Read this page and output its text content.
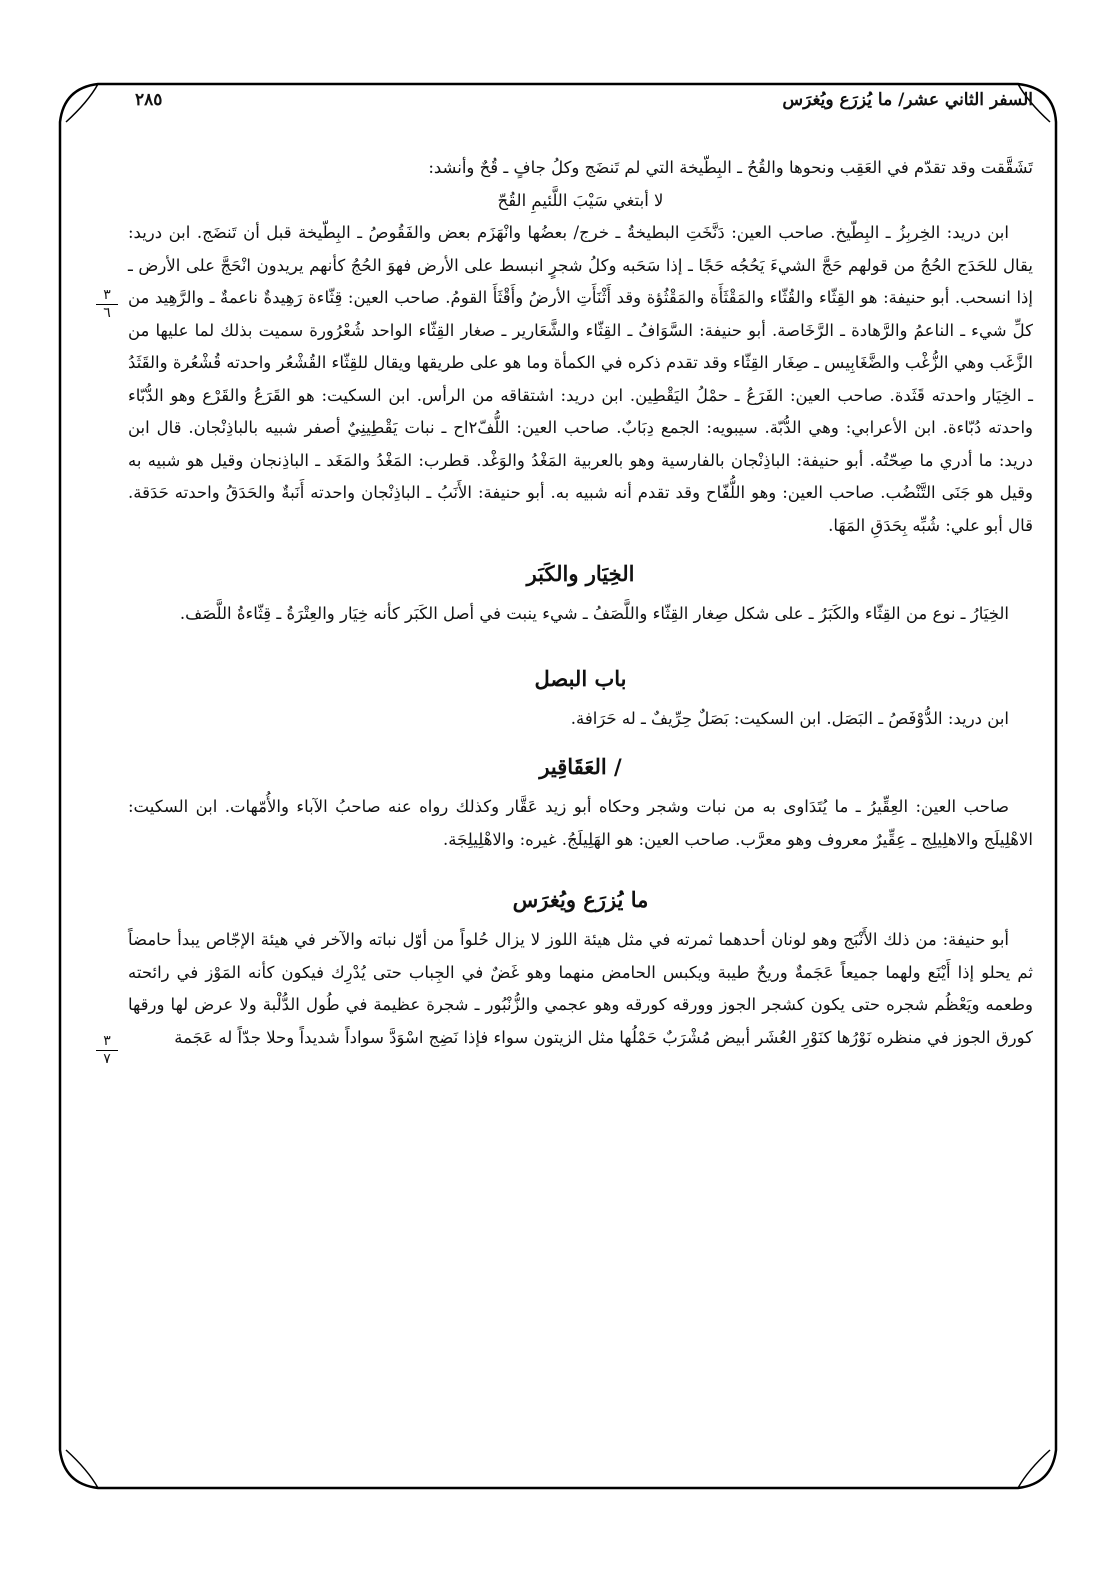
السفر الثاني عشر/ ما يُزرَع ويُغرَس
٢٨٥
٣
٦
٣
٧

تَشَقَّقت وقد تقدّم في العَقِب ونحوها والقُحُ ـ البِطّيخة التي لم تَنضَج وكلُ جافٍ ـ قُحٌ وأنشد:

لا أبتغي سَيْبَ اللَّئيمِ القُحّ

ابن دريد: الخِربِزُ ـ البِطّيخ. صاحب العين: دَنَّخَتِ البطيخةُ ـ خرج/ بعضُها وانْهَزَم بعض والفَقُوصُ ـ البِطّيخة قبل أن تَنضَج. ابن دريد: يقال للحَدَج الحُجُ من قولهم حَجَّ الشيءَ يَحُجُه حَجًا ـ إذا سَحَبه وكلُ شجرٍ انبسط على الأرض فهوَ الحُجُ كأنهم يريدون انْحَجَّ على الأرض ـ إذا انسحب. أبو حنيفة: هو القِثّاء والقُثّاء والمَقْثَأَة والمَقْثُؤة وقد أَثْنَأَتِ الأرضُ وأَقْثَأَ القومُ. صاحب العين: قِثّاءة رَهِيدةٌ ناعمةٌ ـ والرَّهِيد من كلِّ شيء ـ الناعمُ والرَّهادة ـ الرَّخَاصة. أبو حنيفة: السَّوَافُ ـ القِثّاء والشَّعَارير ـ صغار القِثّاء الواحد شُعْرُورة سميت بذلك لما عليها من الزَّغَب وهي الزُّغْب والضَّغَابِيس ـ صِغَار القِثّاء وقد تقدم ذكره في الكمأة وما هو على طريقها ويقال للقِثّاء القُشْعُر واحدته قُشْعُرة والقَثَدُ ـ الخِيَار واحدته قَثَدة. صاحب العين: الفَرَعُ ـ حمْلُ اليَقْطِين. ابن دريد: اشتقاقه من الرأس. ابن السكيت: هو القَرَعُ والقَرْع وهو الدُّبّاء واحدته دُبّاءة. ابن الأعرابي: وهي الدُّبّة. سيبويه: الجمع دِبَابٌ. صاحب العين: اللُّفّ٢اح ـ نبات يَقْطِينِيٌ أصفر شبيه بالباذِنْجان. قال ابن دريد: ما أدري ما صِحّتُه. أبو حنيفة: الباذِنْجان بالفارسية وهو بالعربية المَغْدُ والوَغْد. قطرب: المَغْدُ والمَغَد ـ الباذِنجان وقيل هو شبيه به وقيل هو جَنَى التَّنْضُب. صاحب العين: وهو اللُّفّاح وقد تقدم أنه شبيه به. أبو حنيفة: الأَنَبُ ـ الباذِنْجان واحدته أَنَبةٌ والحَدَقُ واحدته حَدَقة. قال أبو علي: شُبِّه بِحَدَقِ المَهَا.

الخِيَار والكَبَر

الخِيَارُ ـ نوع من القِثّاء والكَبَرُ ـ على شكل صِغار القِثّاء واللَّصَفُ ـ شيء ينبت في أصل الكَبَر كأنه خِيَار والعِتْرَةُ ـ قِثّاءةُ اللَّصَف.

باب البصل

ابن دريد: الدُّوْفَصُ ـ البَصَل. ابن السكيت: بَصَلٌ حِرِّيفٌ ـ له حَرَافة.

/ العَقَاقِير

صاحب العين: العِقِّيرُ ـ ما يُتَدَاوى به من نبات وشجر وحكاه أبو زيد عَقَّار وكذلك رواه عنه صاحبُ الآباء والأُمّهات. ابن السكيت: الاهْلِيلَج والاهلِيلِج ـ عِقِّيرٌ معروف وهو معرَّب. صاحب العين: هو الهَلِيلَجُ. غيره: والاهْلِيلِجَة.

ما يُزرَع ويُغرَس

أبو حنيفة: من ذلك الأَنْبَج وهو لونان أحدهما ثمرته في مثل هيئة اللوز لا يزال حُلواً من أوّل نباته والآخر في هيئة الإجّاص يبدأ حامضاً ثم يحلو إذا أَيْنَع ولهما جميعاً عَجَمةٌ وريحٌ طيبة ويكبس الحامض منهما وهو غَضٌ في الجِباب حتى يُدْرِك فيكون كأنه المَوْز في رائحته وطعمه ويَعْظُم شجره حتى يكون كشجر الجوز وورقه كورقه وهو عجمي والزُّنْبُور ـ شجرة عظيمة في طُول الدُّلْبة ولا عرض لها ورقها كورق الجوز في منظره نَوْرُها كنَوْرِ العُشَر أبيض مُشْرَبٌ حَمْلُها مثل الزيتون سواء فإذا نَضِج اسْوَدَّ سواداً شديداً وحلا جدّاً له عَجَمة
